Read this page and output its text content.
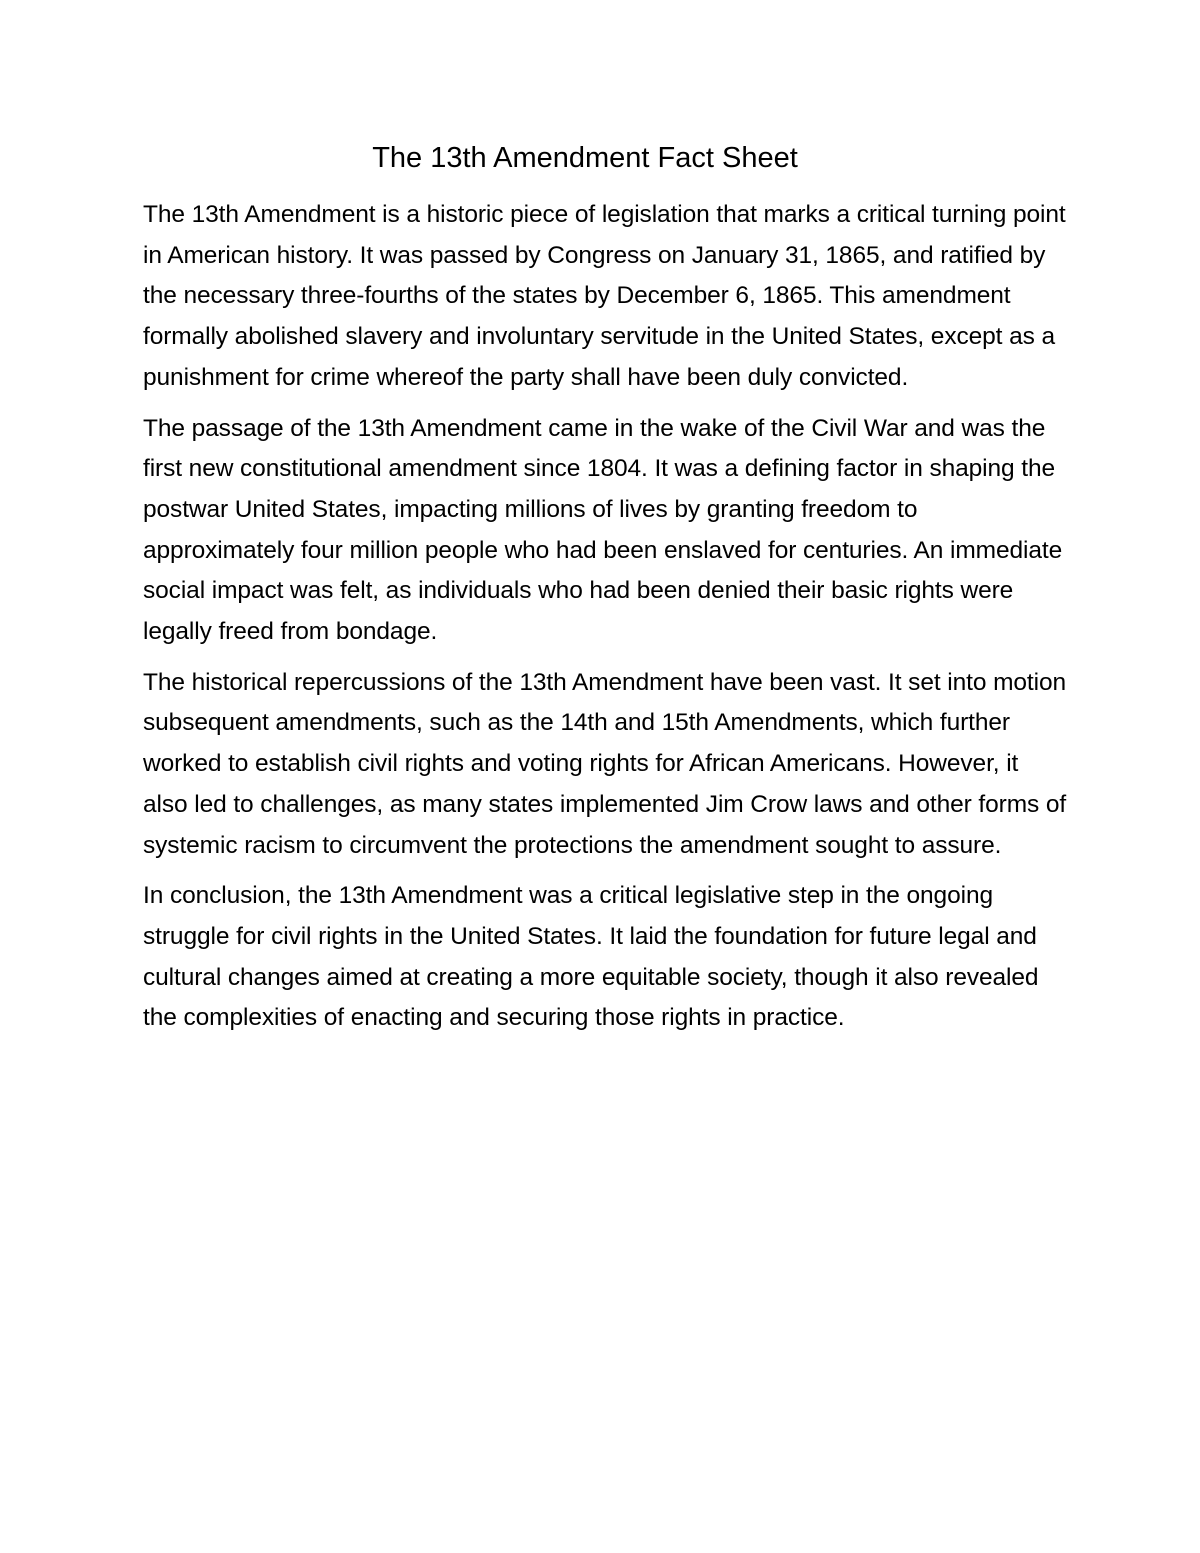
The 13th Amendment Fact Sheet

The 13th Amendment is a historic piece of legislation that marks a critical turning point in American history. It was passed by Congress on January 31, 1865, and ratified by the necessary three-fourths of the states by December 6, 1865. This amendment formally abolished slavery and involuntary servitude in the United States, except as a punishment for crime whereof the party shall have been duly convicted.

The passage of the 13th Amendment came in the wake of the Civil War and was the first new constitutional amendment since 1804. It was a defining factor in shaping the postwar United States, impacting millions of lives by granting freedom to approximately four million people who had been enslaved for centuries. An immediate social impact was felt, as individuals who had been denied their basic rights were legally freed from bondage.

The historical repercussions of the 13th Amendment have been vast. It set into motion subsequent amendments, such as the 14th and 15th Amendments, which further worked to establish civil rights and voting rights for African Americans. However, it also led to challenges, as many states implemented Jim Crow laws and other forms of systemic racism to circumvent the protections the amendment sought to assure.

In conclusion, the 13th Amendment was a critical legislative step in the ongoing struggle for civil rights in the United States. It laid the foundation for future legal and cultural changes aimed at creating a more equitable society, though it also revealed the complexities of enacting and securing those rights in practice.
